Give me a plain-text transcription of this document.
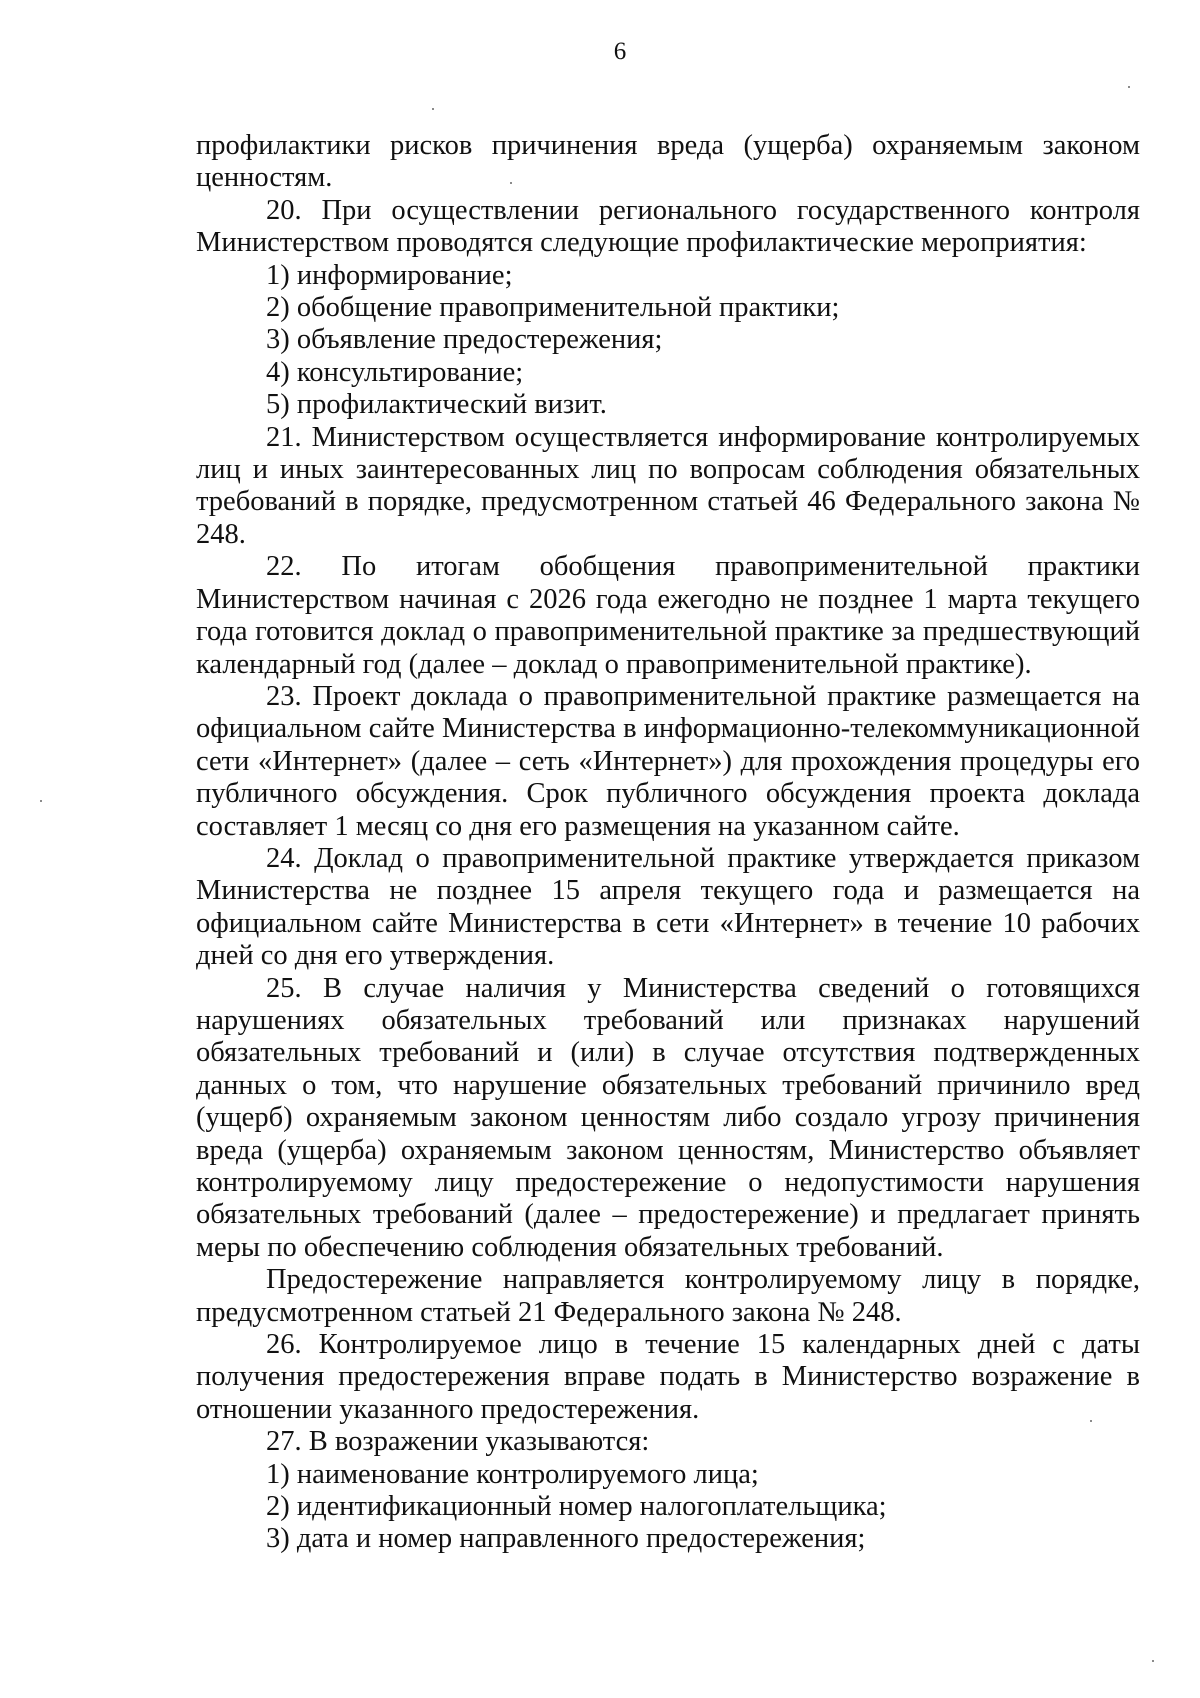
6

профилактики рисков причинения вреда (ущерба) охраняемым законом ценностям.

20. При осуществлении регионального государственного контроля Министерством проводятся следующие профилактические мероприятия:

1) информирование;

2) обобщение правоприменительной практики;

3) объявление предостережения;

4) консультирование;

5) профилактический визит.

21. Министерством осуществляется информирование контролируемых лиц и иных заинтересованных лиц по вопросам соблюдения обязательных требований в порядке, предусмотренном статьей 46 Федерального закона № 248.

22. По итогам обобщения правоприменительной практики Министерством начиная с 2026 года ежегодно не позднее 1 марта текущего года готовится доклад о правоприменительной практике за предшествующий календарный год (далее – доклад о правоприменительной практике).

23. Проект доклада о правоприменительной практике размещается на официальном сайте Министерства в информационно-телекоммуникационной сети «Интернет» (далее – сеть «Интернет») для прохождения процедуры его публичного обсуждения. Срок публичного обсуждения проекта доклада составляет 1 месяц со дня его размещения на указанном сайте.

24. Доклад о правоприменительной практике утверждается приказом Министерства не позднее 15 апреля текущего года и размещается на официальном сайте Министерства в сети «Интернет» в течение 10 рабочих дней со дня его утверждения.

25. В случае наличия у Министерства сведений о готовящихся нарушениях обязательных требований или признаках нарушений обязательных требований и (или) в случае отсутствия подтвержденных данных о том, что нарушение обязательных требований причинило вред (ущерб) охраняемым законом ценностям либо создало угрозу причинения вреда (ущерба) охраняемым законом ценностям, Министерство объявляет контролируемому лицу предостережение о недопустимости нарушения обязательных требований (далее – предостережение) и предлагает принять меры по обеспечению соблюдения обязательных требований.

Предостережение направляется контролируемому лицу в порядке, предусмотренном статьей 21 Федерального закона № 248.

26. Контролируемое лицо в течение 15 календарных дней с даты получения предостережения вправе подать в Министерство возражение в отношении указанного предостережения.

27. В возражении указываются:

1) наименование контролируемого лица;

2) идентификационный номер налогоплательщика;

3) дата и номер направленного предостережения;
